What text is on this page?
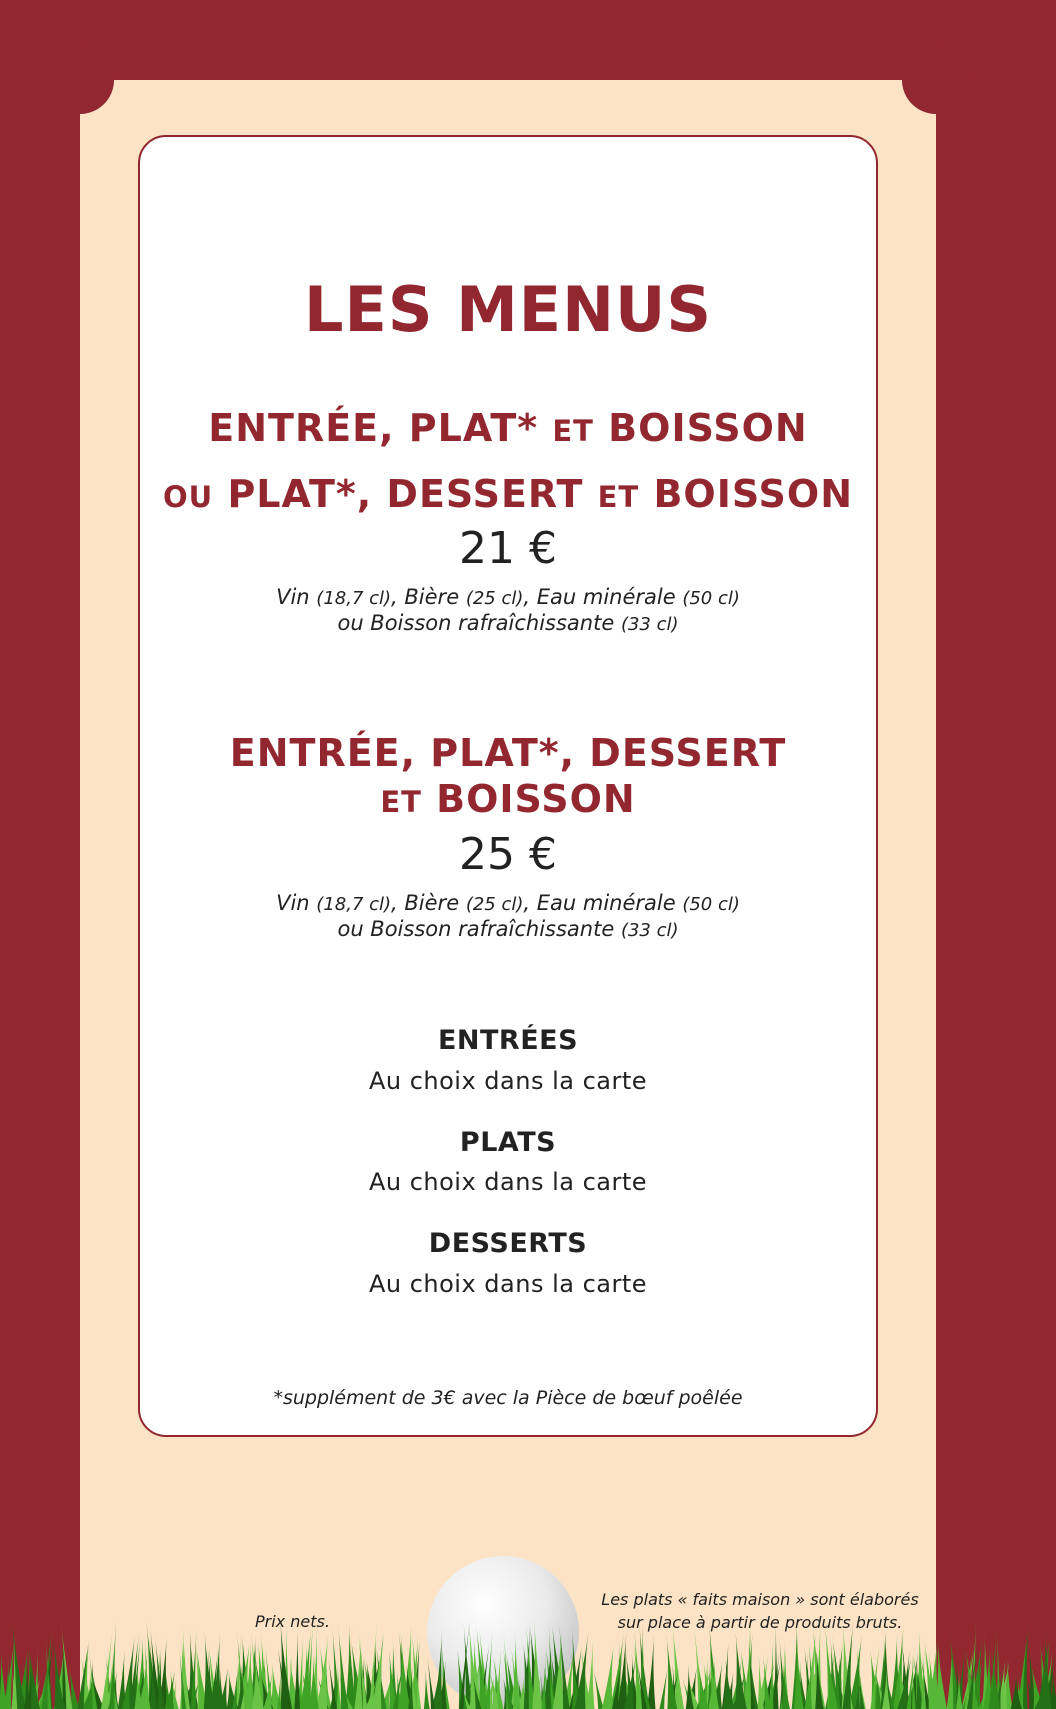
LES MENUS
ENTRÉE, PLAT* ET BOISSON
OU PLAT*, DESSERT ET BOISSON
21 €
Vin (18,7 cl), Bière (25 cl), Eau minérale (50 cl)
ou Boisson rafraîchissante (33 cl)
ENTRÉE, PLAT*, DESSERT
ET BOISSON
25 €
Vin (18,7 cl), Bière (25 cl), Eau minérale (50 cl)
ou Boisson rafraîchissante (33 cl)
ENTRÉES
Au choix dans la carte
PLATS
Au choix dans la carte
DESSERTS
Au choix dans la carte
*supplément de 3€ avec la Pièce de bœuf poêlée
Prix nets.
Les plats « faits maison » sont élaborés
sur place à partir de produits bruts.
